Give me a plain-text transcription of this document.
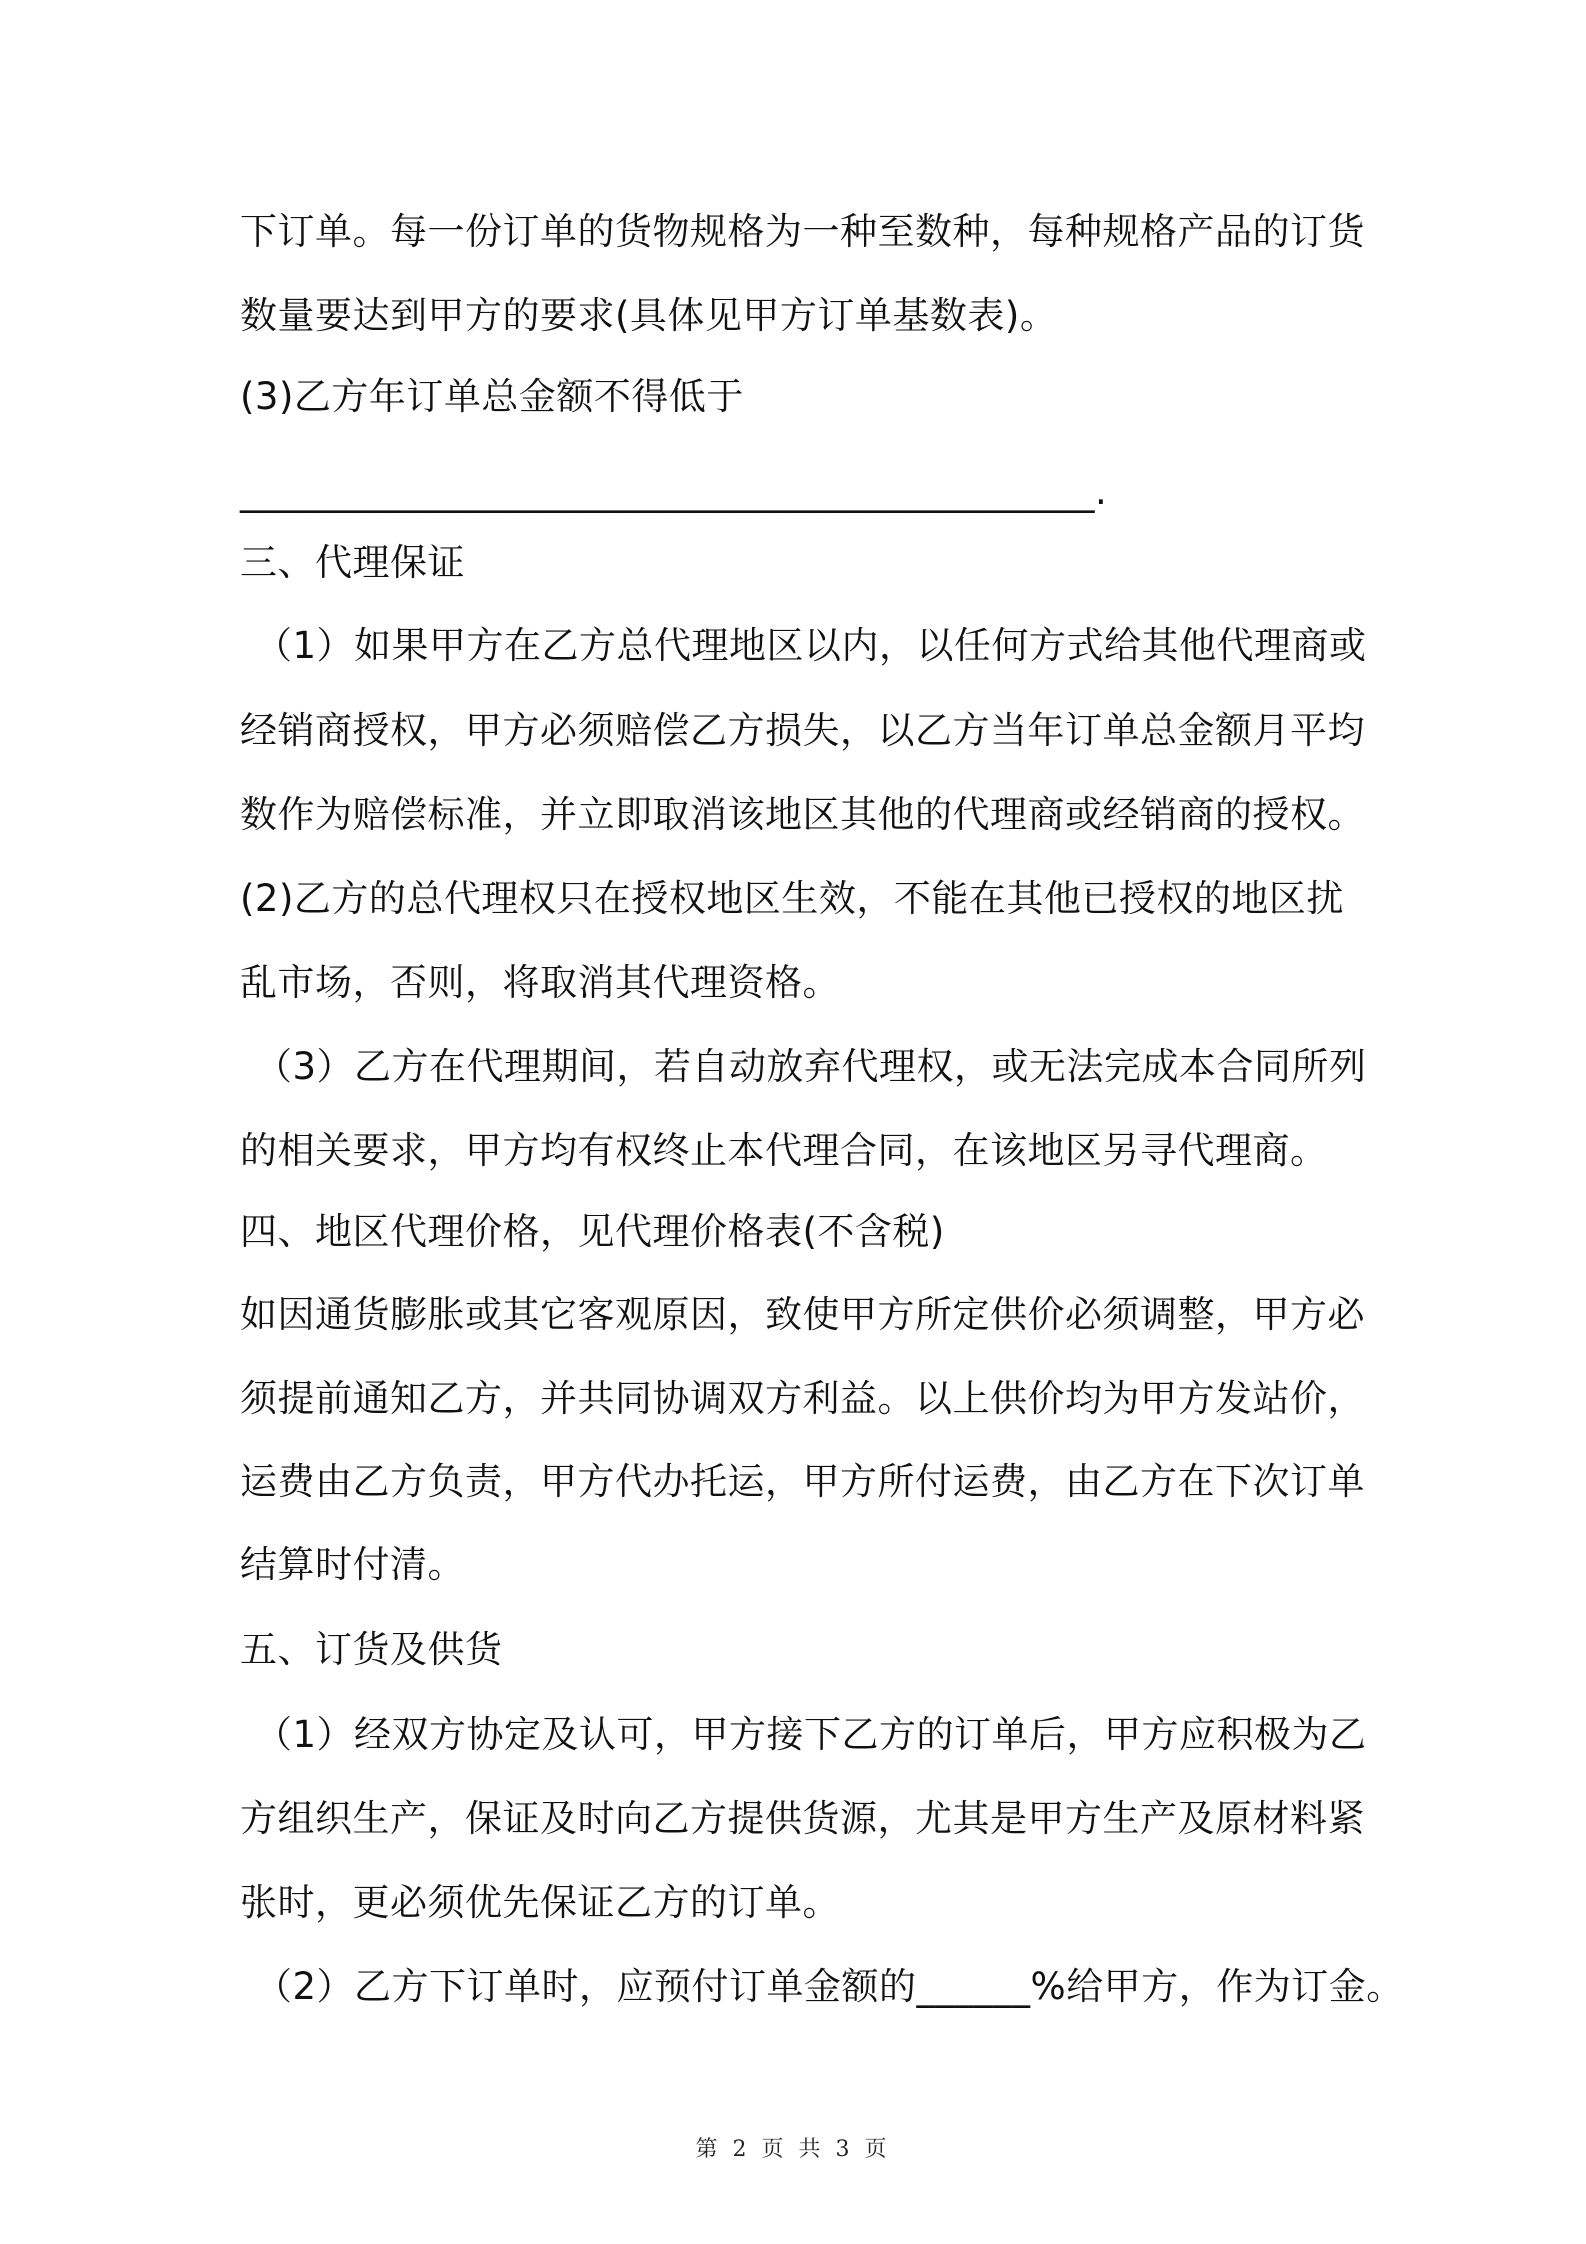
下订单。每一份订单的货物规格为一种至数种，每种规格产品的订货
数量要达到甲方的要求(具体见甲方订单基数表)。
(3)乙方年订单总金额不得低于
_____________________________________________.
三、代理保证
（1）如果甲方在乙方总代理地区以内，以任何方式给其他代理商或
经销商授权，甲方必须赔偿乙方损失，以乙方当年订单总金额月平均
数作为赔偿标准，并立即取消该地区其他的代理商或经销商的授权。
(2)乙方的总代理权只在授权地区生效，不能在其他已授权的地区扰
乱市场，否则，将取消其代理资格。
（3）乙方在代理期间，若自动放弃代理权，或无法完成本合同所列
的相关要求，甲方均有权终止本代理合同，在该地区另寻代理商。
四、地区代理价格，见代理价格表(不含税)
如因通货膨胀或其它客观原因，致使甲方所定供价必须调整，甲方必
须提前通知乙方，并共同协调双方利益。以上供价均为甲方发站价，
运费由乙方负责，甲方代办托运，甲方所付运费，由乙方在下次订单
结算时付清。
五、订货及供货
（1）经双方协定及认可，甲方接下乙方的订单后，甲方应积极为乙
方组织生产，保证及时向乙方提供货源，尤其是甲方生产及原材料紧
张时，更必须优先保证乙方的订单。
（2）乙方下订单时，应预付订单金额的______%给甲方，作为订金。
第 2 页 共 3 页
